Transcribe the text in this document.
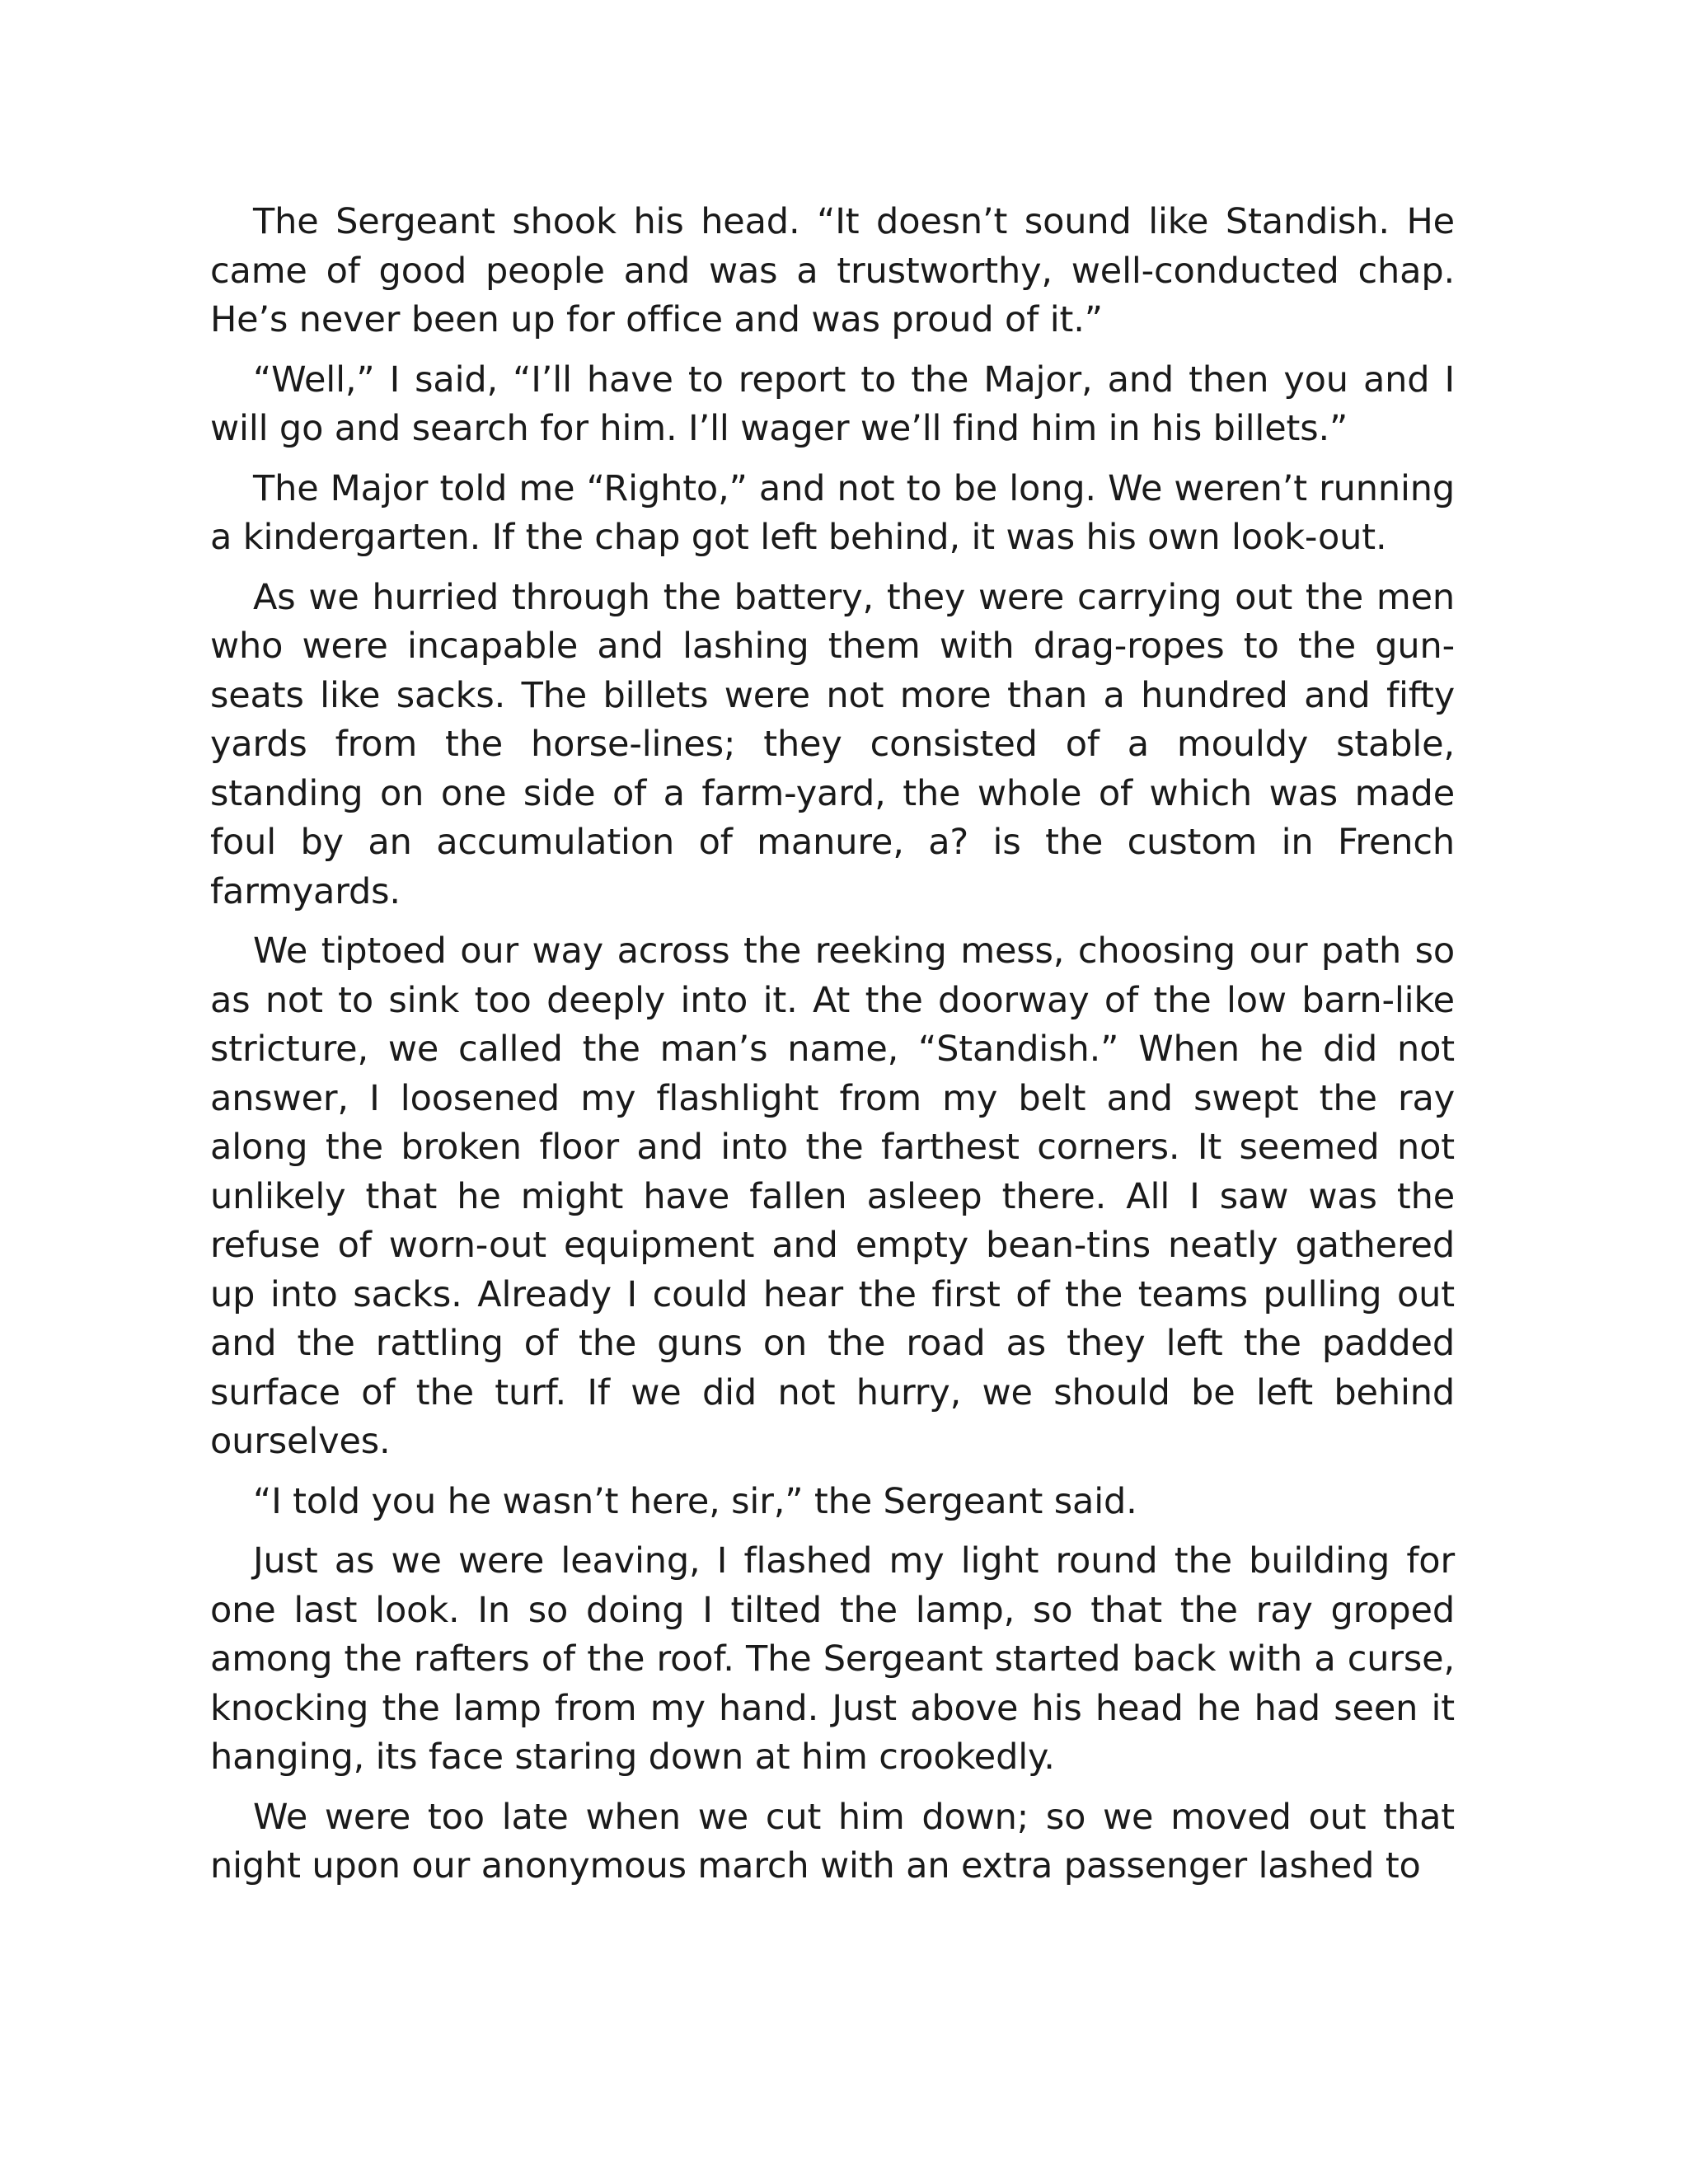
The Sergeant shook his head. “It doesn’t sound like Standish. He came of good people and was a trustworthy, well-conducted chap. He’s never been up for office and was proud of it.”

“Well,” I said, “I’ll have to report to the Major, and then you and I will go and search for him. I’ll wager we’ll find him in his billets.”

The Major told me “Righto,” and not to be long. We weren’t running a kindergarten. If the chap got left behind, it was his own look-out.

As we hurried through the battery, they were carrying out the men who were incapable and lashing them with drag-ropes to the gun-seats like sacks. The billets were not more than a hundred and fifty yards from the horse-lines; they consisted of a mouldy stable, standing on one side of a farm-yard, the whole of which was made foul by an accumulation of manure, a? is the custom in French farmyards.

We tiptoed our way across the reeking mess, choosing our path so as not to sink too deeply into it. At the doorway of the low barn-like stricture, we called the man’s name, “Standish.” When he did not answer, I loosened my flashlight from my belt and swept the ray along the broken floor and into the farthest corners. It seemed not unlikely that he might have fallen asleep there. All I saw was the refuse of worn-out equipment and empty bean-tins neatly gathered up into sacks. Already I could hear the first of the teams pulling out and the rattling of the guns on the road as they left the padded surface of the turf. If we did not hurry, we should be left behind ourselves.

“I told you he wasn’t here, sir,” the Sergeant said.

Just as we were leaving, I flashed my light round the building for one last look. In so doing I tilted the lamp, so that the ray groped among the rafters of the roof. The Sergeant started back with a curse, knocking the lamp from my hand. Just above his head he had seen it hanging, its face staring down at him crookedly.

We were too late when we cut him down; so we moved out that night upon our anonymous march with an extra passenger lashed to
